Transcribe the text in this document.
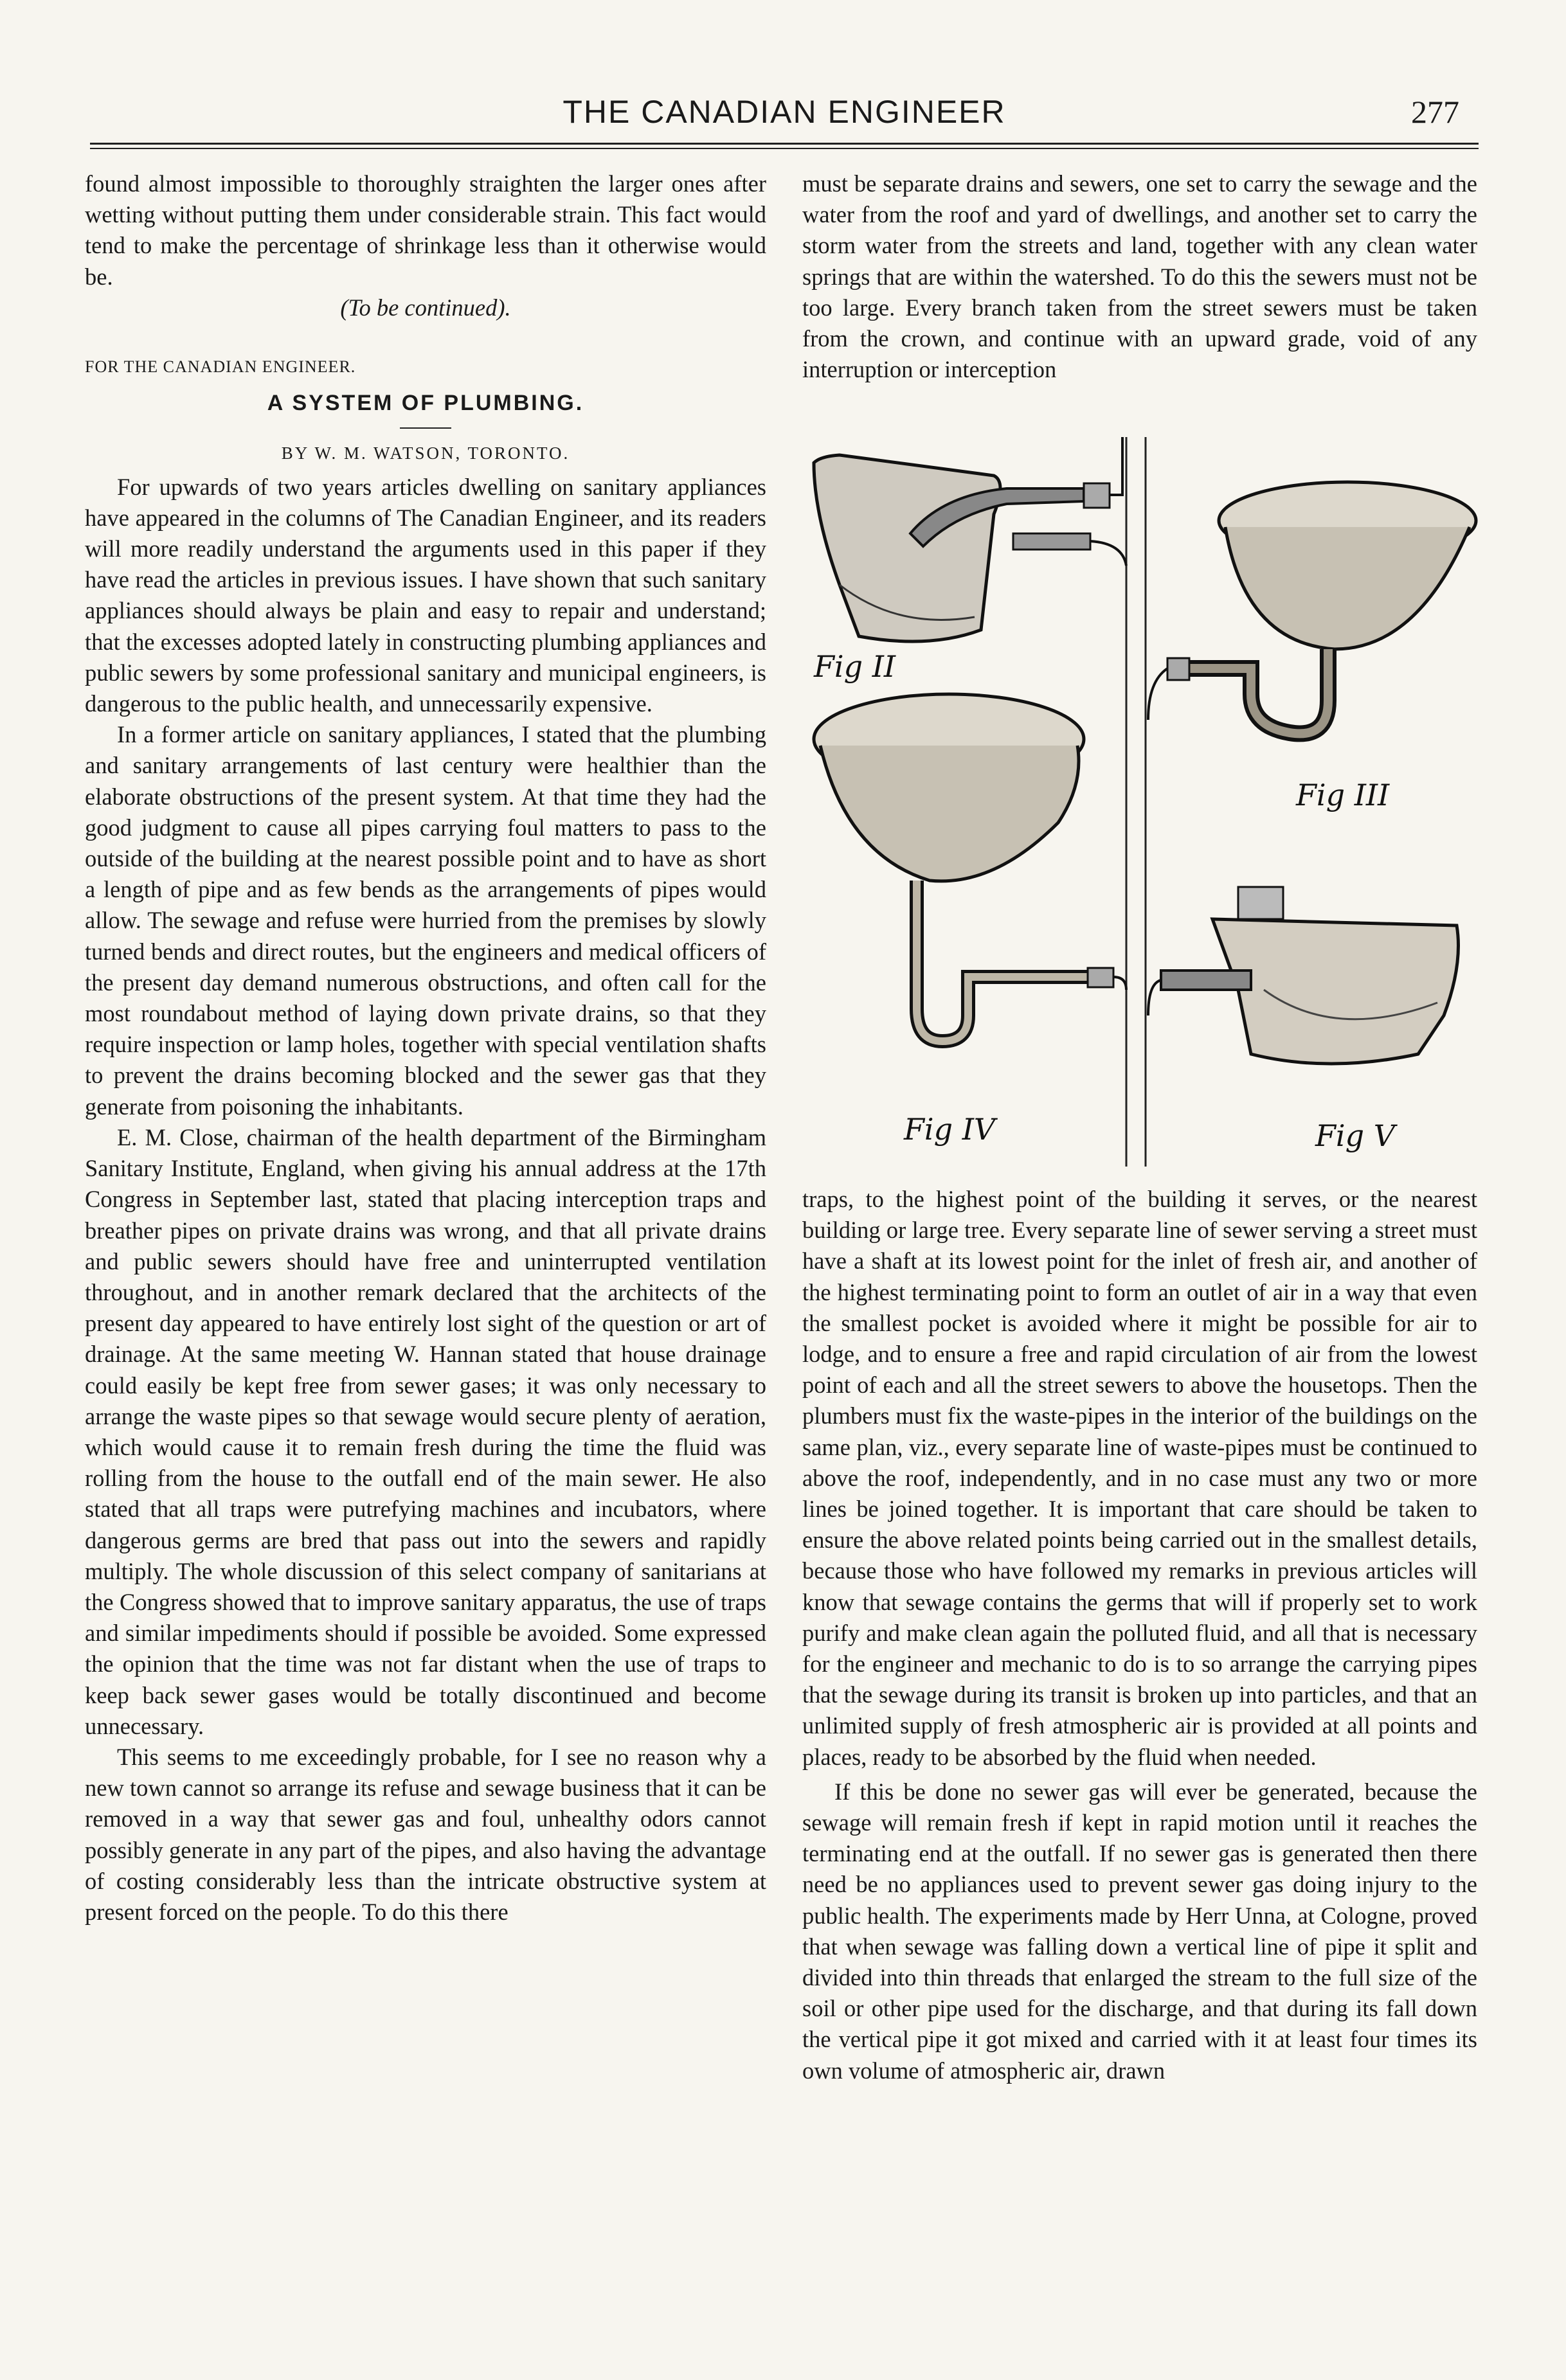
THE CANADIAN ENGINEER	277

found almost impossible to thoroughly straighten the larger ones after wetting without putting them under considerable strain. This fact would tend to make the percentage of shrinkage less than it otherwise would be.

(To be continued).

FOR THE CANADIAN ENGINEER.

A SYSTEM OF PLUMBING.

BY W. M. WATSON, TORONTO.

For upwards of two years articles dwelling on sanitary appliances have appeared in the columns of The Canadian Engineer, and its readers will more readily understand the arguments used in this paper if they have read the articles in previous issues. I have shown that such sanitary appliances should always be plain and easy to repair and understand; that the excesses adopted lately in constructing plumbing appliances and public sewers by some professional sanitary and municipal engineers, is dangerous to the public health, and unnecessarily expensive.

In a former article on sanitary appliances, I stated that the plumbing and sanitary arrangements of last century were healthier than the elaborate obstructions of the present system. At that time they had the good judgment to cause all pipes carrying foul matters to pass to the outside of the building at the nearest possible point and to have as short a length of pipe and as few bends as the arrangements of pipes would allow. The sewage and refuse were hurried from the premises by slowly turned bends and direct routes, but the engineers and medical officers of the present day demand numerous obstructions, and often call for the most roundabout method of laying down private drains, so that they require inspection or lamp holes, together with special ventilation shafts to prevent the drains becoming blocked and the sewer gas that they generate from poisoning the inhabitants.

E. M. Close, chairman of the health department of the Birmingham Sanitary Institute, England, when giving his annual address at the 17th Congress in September last, stated that placing interception traps and breather pipes on private drains was wrong, and that all private drains and public sewers should have free and uninterrupted ventilation throughout, and in another remark declared that the architects of the present day appeared to have entirely lost sight of the question or art of drainage. At the same meeting W. Hannan stated that house drainage could easily be kept free from sewer gases; it was only necessary to arrange the waste pipes so that sewage would secure plenty of aeration, which would cause it to remain fresh during the time the fluid was rolling from the house to the outfall end of the main sewer. He also stated that all traps were putrefying machines and incubators, where dangerous germs are bred that pass out into the sewers and rapidly multiply. The whole discussion of this select company of sanitarians at the Congress showed that to improve sanitary apparatus, the use of traps and similar impediments should if possible be avoided. Some expressed the opinion that the time was not far distant when the use of traps to keep back sewer gases would be totally discontinued and become unnecessary.

This seems to me exceedingly probable, for I see no reason why a new town cannot so arrange its refuse and sewage business that it can be removed in a way that sewer gas and foul, unhealthy odors cannot possibly generate in any part of the pipes, and also having the advantage of costing considerably less than the intricate obstructive system at present forced on the people. To do this there

must be separate drains and sewers, one set to carry the sewage and the water from the roof and yard of dwellings, and another set to carry the storm water from the streets and land, together with any clean water springs that are within the watershed. To do this the sewers must not be too large. Every branch taken from the street sewers must be taken from the crown, and continue with an upward grade, void of any interruption or interception

Fig II
Fig III
Fig IV	Fig V

traps, to the highest point of the building it serves, or the nearest building or large tree. Every separate line of sewer serving a street must have a shaft at its lowest point for the inlet of fresh air, and another of the highest terminating point to form an outlet of air in a way that even the smallest pocket is avoided where it might be possible for air to lodge, and to ensure a free and rapid circulation of air from the lowest point of each and all the street sewers to above the housetops. Then the plumbers must fix the waste-pipes in the interior of the buildings on the same plan, viz., every separate line of waste-pipes must be continued to above the roof, independently, and in no case must any two or more lines be joined together. It is important that care should be taken to ensure the above related points being carried out in the smallest details, because those who have followed my remarks in previous articles will know that sewage contains the germs that will if properly set to work purify and make clean again the polluted fluid, and all that is necessary for the engineer and mechanic to do is to so arrange the carrying pipes that the sewage during its transit is broken up into particles, and that an unlimited supply of fresh atmospheric air is provided at all points and places, ready to be absorbed by the fluid when needed.

If this be done no sewer gas will ever be generated, because the sewage will remain fresh if kept in rapid motion until it reaches the terminating end at the outfall. If no sewer gas is generated then there need be no appliances used to prevent sewer gas doing injury to the public health. The experiments made by Herr Unna, at Cologne, proved that when sewage was falling down a vertical line of pipe it split and divided into thin threads that enlarged the stream to the full size of the soil or other pipe used for the discharge, and that during its fall down the vertical pipe it got mixed and carried with it at least four times its own volume of atmospheric air, drawn
